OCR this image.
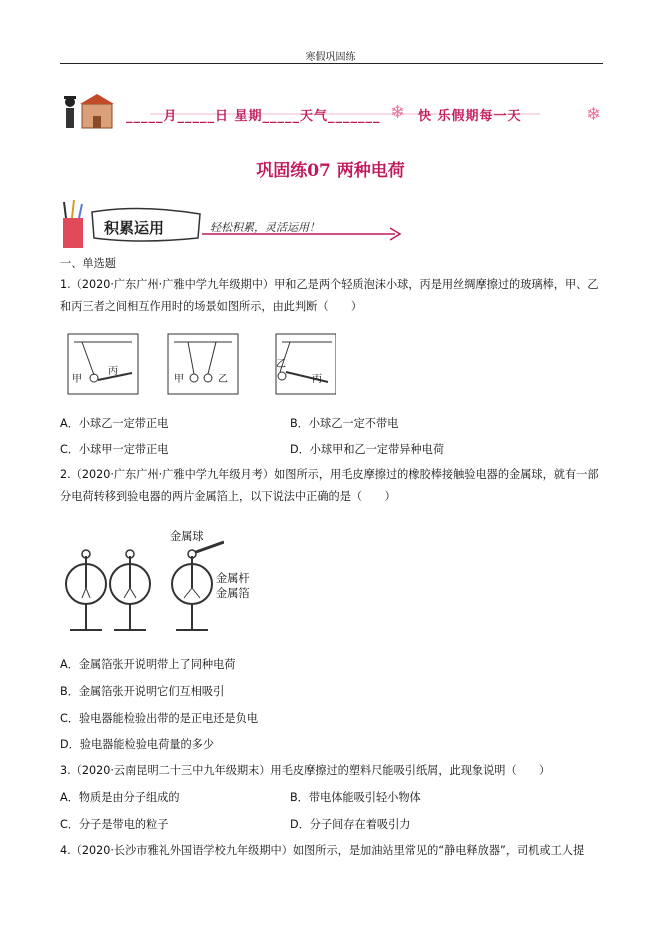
寒假巩固练
_____月_____日 星期_____天气_______ ❄ 快 乐假期每一天	❄
巩固练07 两种电荷
积累运用	轻松积累，灵活运用！
一、单选题
1.（2020·广东广州·广雅中学九年级期中）甲和乙是两个轻质泡沫小球，丙是用丝绸摩擦过的玻璃棒，甲、乙和丙三者之间相互作用时的场景如图所示，由此判断（　　）
甲
丙
甲	乙
乙
丙
A．小球乙一定带正电	B．小球乙一定不带电
C．小球甲一定带正电	D．小球甲和乙一定带异种电荷
2.（2020·广东广州·广雅中学九年级月考）如图所示，用毛皮摩擦过的橡胶棒接触验电器的金属球，就有一部分电荷转移到验电器的两片金属箔上，以下说法中正确的是（　　）
金属球
金属杆
金属箔
A．金属箔张开说明带上了同种电荷
B．金属箔张开说明它们互相吸引
C．验电器能检验出带的是正电还是负电
D．验电器能检验电荷量的多少
3.（2020·云南昆明二十三中九年级期末）用毛皮摩擦过的塑料尺能吸引纸屑，此现象说明（　　）
A．物质是由分子组成的	B．带电体能吸引轻小物体
C．分子是带电的粒子	D．分子间存在着吸引力
4.（2020·长沙市雅礼外国语学校九年级期中）如图所示，是加油站里常见的“静电释放器”，司机或工人提
